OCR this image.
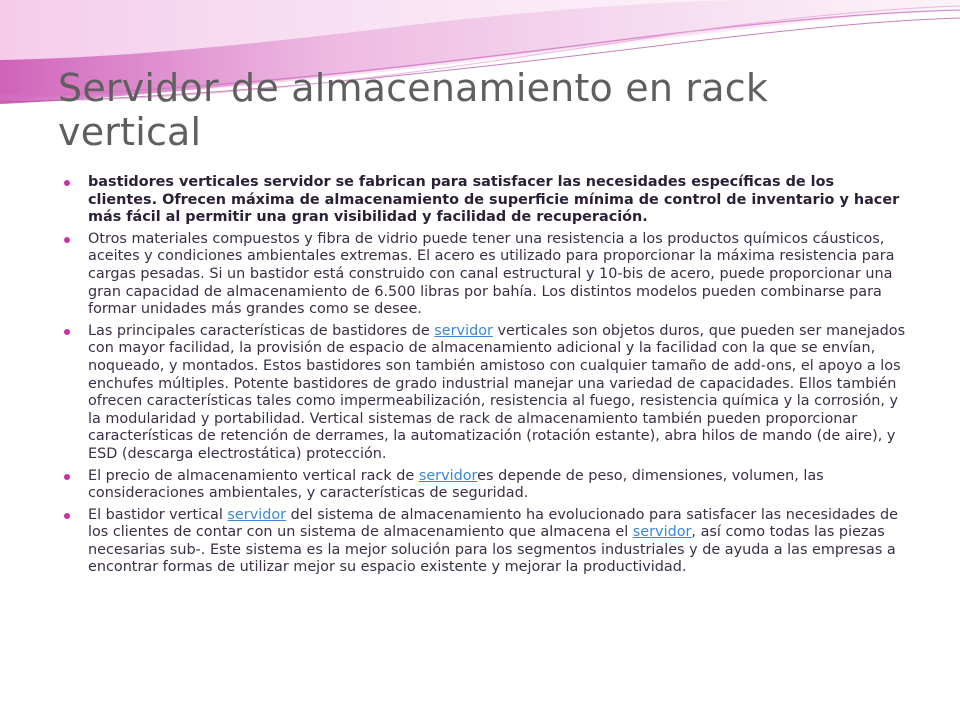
Servidor de almacenamiento en rack vertical
bastidores verticales servidor se fabrican para satisfacer las necesidades específicas de los clientes. Ofrecen máxima de almacenamiento de superficie mínima de control de inventario y hacer más fácil al permitir una gran visibilidad y facilidad de recuperación.
Otros materiales compuestos y fibra de vidrio puede tener una resistencia a los productos químicos cáusticos, aceites y condiciones ambientales extremas. El acero es utilizado para proporcionar la máxima resistencia para cargas pesadas. Si un bastidor está construido con canal estructural y 10-bis de acero, puede proporcionar una gran capacidad de almacenamiento de 6.500 libras por bahía. Los distintos modelos pueden combinarse para formar unidades más grandes como se desee.
Las principales características de bastidores de servidor verticales son objetos duros, que pueden ser manejados con mayor facilidad, la provisión de espacio de almacenamiento adicional y la facilidad con la que se envían, noqueado, y montados. Estos bastidores son también amistoso con cualquier tamaño de add-ons, el apoyo a los enchufes múltiples. Potente bastidores de grado industrial manejar una variedad de capacidades. Ellos también ofrecen características tales como impermeabilización, resistencia al fuego, resistencia química y la corrosión, y la modularidad y portabilidad. Vertical sistemas de rack de almacenamiento también pueden proporcionar características de retención de derrames, la automatización (rotación estante), abra hilos de mando (de aire), y ESD (descarga electrostática) protección.
El precio de almacenamiento vertical rack de servidores depende de peso, dimensiones, volumen, las consideraciones ambientales, y características de seguridad.
El bastidor vertical servidor del sistema de almacenamiento ha evolucionado para satisfacer las necesidades de los clientes de contar con un sistema de almacenamiento que almacena el servidor, así como todas las piezas necesarias sub-. Este sistema es la mejor solución para los segmentos industriales y de ayuda a las empresas a encontrar formas de utilizar mejor su espacio existente y mejorar la productividad.
